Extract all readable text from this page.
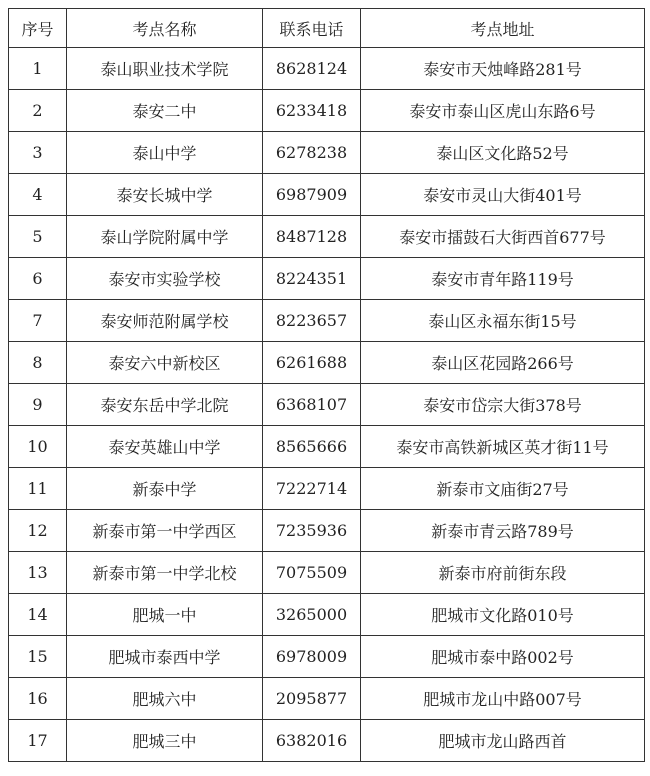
序号	考点名称	联系电话	考点地址
1	泰山职业技术学院	8628124	泰安市天烛峰路281号
2	泰安二中	6233418	泰安市泰山区虎山东路6号
3	泰山中学	6278238	泰山区文化路52号
4	泰安长城中学	6987909	泰安市灵山大街401号
5	泰山学院附属中学	8487128	泰安市擂鼓石大街西首677号
6	泰安市实验学校	8224351	泰安市青年路119号
7	泰安师范附属学校	8223657	泰山区永福东街15号
8	泰安六中新校区	6261688	泰山区花园路266号
9	泰安东岳中学北院	6368107	泰安市岱宗大街378号
10	泰安英雄山中学	8565666	泰安市高铁新城区英才街11号
11	新泰中学	7222714	新泰市文庙街27号
12	新泰市第一中学西区	7235936	新泰市青云路789号
13	新泰市第一中学北校	7075509	新泰市府前街东段
14	肥城一中	3265000	肥城市文化路010号
15	肥城市泰西中学	6978009	肥城市泰中路002号
16	肥城六中	2095877	肥城市龙山中路007号
17	肥城三中	6382016	肥城市龙山路西首
